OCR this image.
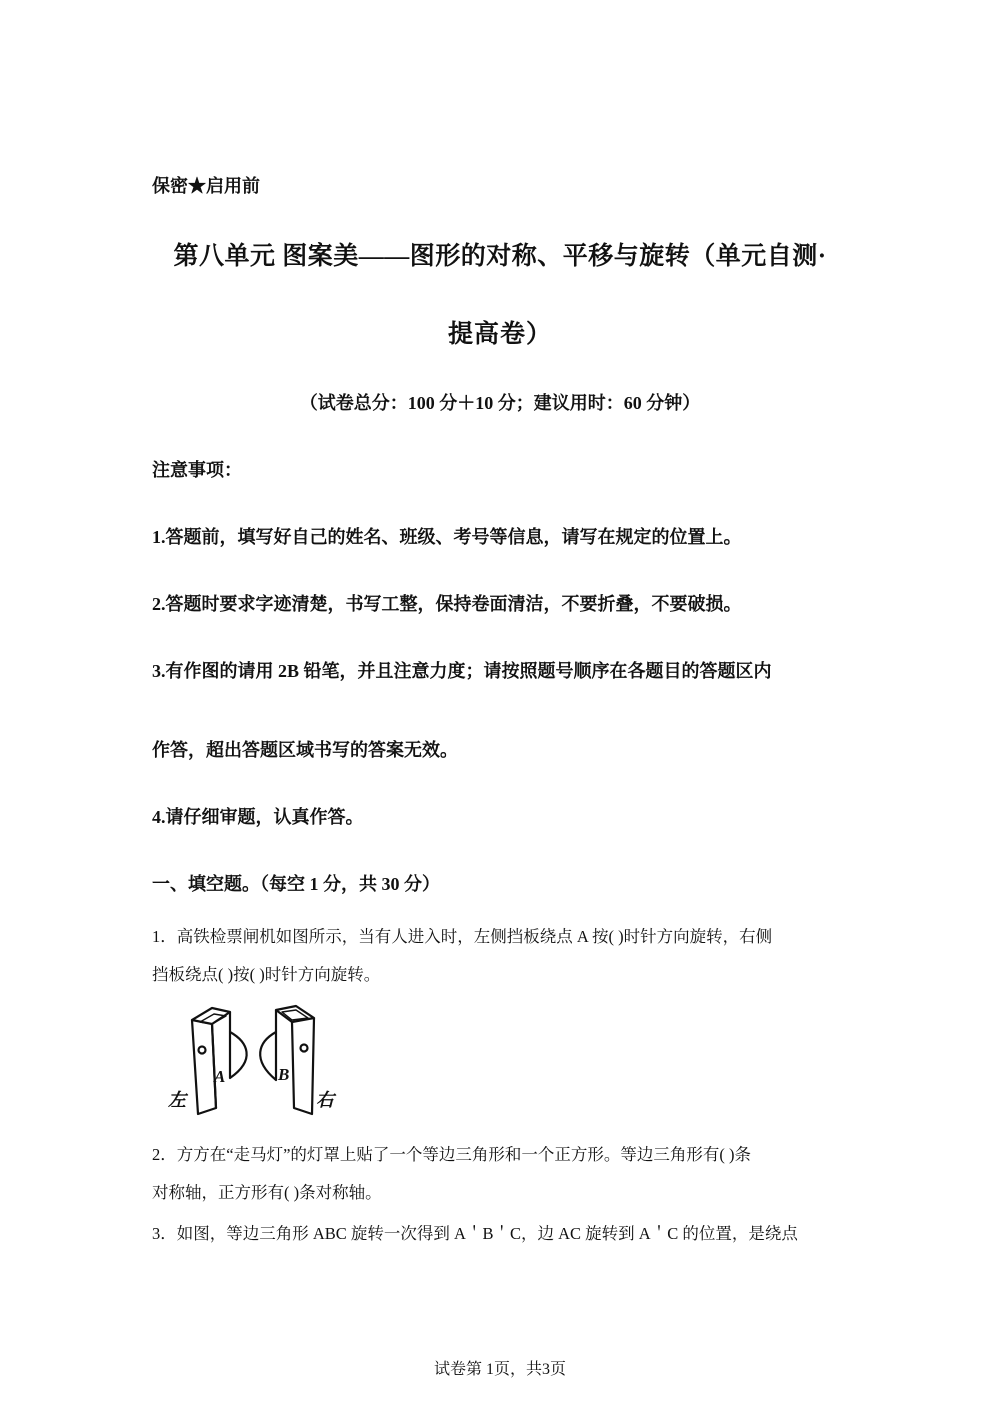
保密★启用前
第八单元 图案美——图形的对称、平移与旋转（单元自测·
提高卷）
（试卷总分：100 分＋10 分；建议用时：60 分钟）
注意事项：
1.答题前，填写好自己的姓名、班级、考号等信息，请写在规定的位置上。
2.答题时要求字迹清楚，书写工整，保持卷面清洁，不要折叠，不要破损。
3.有作图的请用 2B 铅笔，并且注意力度；请按照题号顺序在各题目的答题区内
作答，超出答题区域书写的答案无效。
4.请仔细审题，认真作答。
一、填空题。（每空 1 分，共 30 分）
1．高铁检票闸机如图所示，当有人进入时，左侧挡板绕点 A 按( )时针方向旋转，右侧
挡板绕点( )按( )时针方向旋转。
左	右
A	B
2．方方在“走马灯”的灯罩上贴了一个等边三角形和一个正方形。等边三角形有( )条
对称轴，正方形有( )条对称轴。
3．如图，等边三角形 ABC 旋转一次得到 A＇B＇C，边 AC 旋转到 A＇C 的位置，是绕点
试卷第 1页，共3页
